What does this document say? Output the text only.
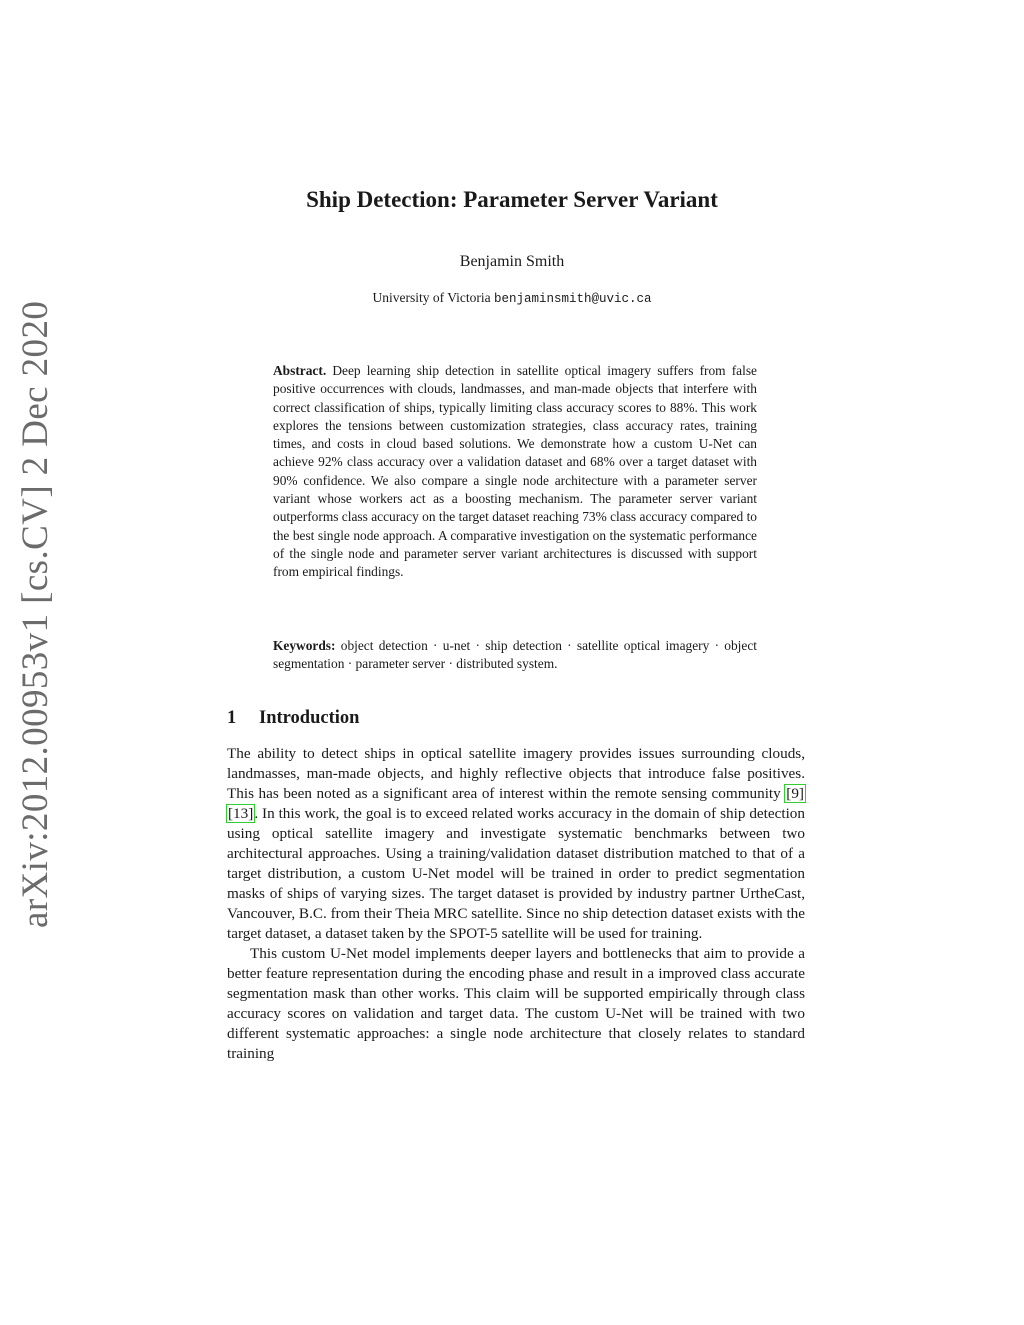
arXiv:2012.00953v1 [cs.CV] 2 Dec 2020
Ship Detection: Parameter Server Variant
Benjamin Smith
University of Victoria benjaminsmith@uvic.ca

Abstract. Deep learning ship detection in satellite optical imagery suffers from false positive occurrences with clouds, landmasses, and man-made objects that interfere with correct classification of ships, typically limiting class accuracy scores to 88%. This work explores the tensions between customization strategies, class accuracy rates, training times, and costs in cloud based solutions. We demonstrate how a custom U-Net can achieve 92% class accuracy over a validation dataset and 68% over a target dataset with 90% confidence. We also compare a single node architecture with a parameter server variant whose workers act as a boosting mechanism. The parameter server variant outperforms class accuracy on the target dataset reaching 73% class accuracy compared to the best single node approach. A comparative investigation on the systematic performance of the single node and parameter server variant architectures is discussed with support from empirical findings.

Keywords: object detection · u-net · ship detection · satellite optical imagery · object segmentation · parameter server · distributed system.

1 Introduction

The ability to detect ships in optical satellite imagery provides issues surrounding clouds, landmasses, man-made objects, and highly reflective objects that introduce false positives. This has been noted as a significant area of interest within the remote sensing community [9] [13]. In this work, the goal is to exceed related works accuracy in the domain of ship detection using optical satellite imagery and investigate systematic benchmarks between two architectural approaches. Using a training/validation dataset distribution matched to that of a target distribution, a custom U-Net model will be trained in order to predict segmentation masks of ships of varying sizes. The target dataset is provided by industry partner UrtheCast, Vancouver, B.C. from their Theia MRC satellite. Since no ship detection dataset exists with the target dataset, a dataset taken by the SPOT-5 satellite will be used for training.

This custom U-Net model implements deeper layers and bottlenecks that aim to provide a better feature representation during the encoding phase and result in a improved class accurate segmentation mask than other works. This claim will be supported empirically through class accuracy scores on validation and target data. The custom U-Net will be trained with two different systematic approaches: a single node architecture that closely relates to standard training
